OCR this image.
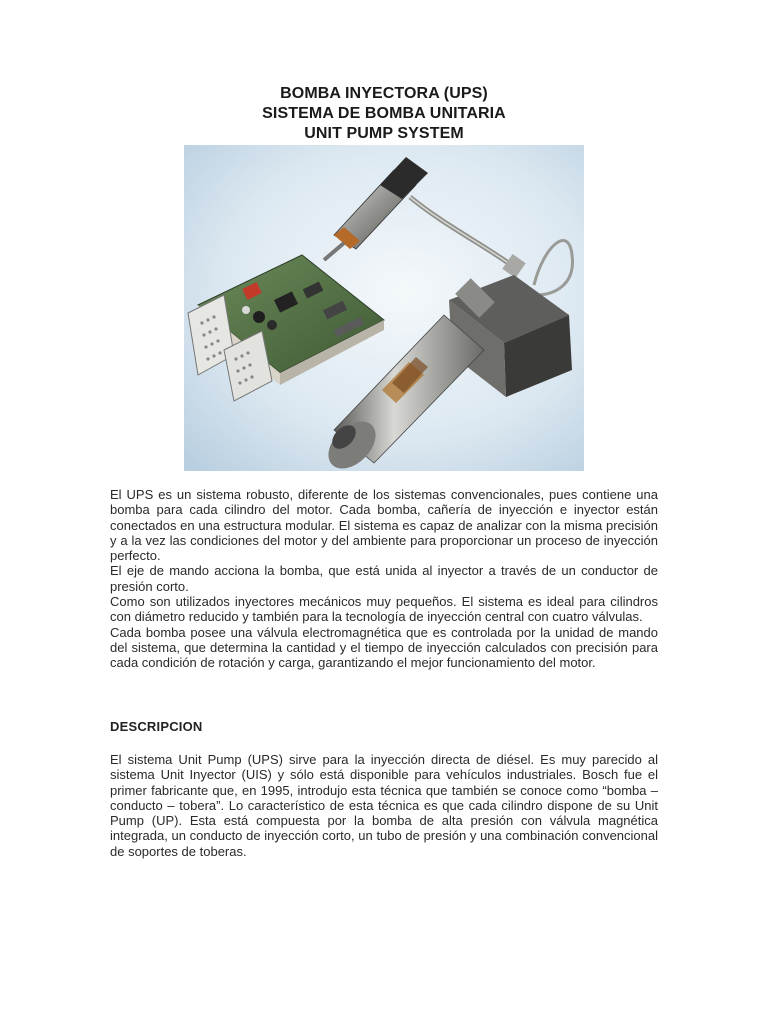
BOMBA INYECTORA (UPS)
SISTEMA DE BOMBA UNITARIA
UNIT PUMP SYSTEM

El UPS es un sistema robusto, diferente de los sistemas convencionales, pues contiene una bomba para cada cilindro del motor. Cada bomba, cañería de inyección e inyector están conectados en una estructura modular. El sistema es capaz de analizar con la misma precisión y a la vez las condiciones del motor y del ambiente para proporcionar un proceso de inyección perfecto.

El eje de mando acciona la bomba, que está unida al inyector a través de un conductor de presión corto.

Como son utilizados inyectores mecánicos muy pequeños. El sistema es ideal para cilindros con diámetro reducido y también para la tecnología de inyección central con cuatro válvulas.

Cada bomba posee una válvula electromagnética que es controlada por la unidad de mando del sistema, que determina la cantidad y el tiempo de inyección calculados con precisión para cada condición de rotación y carga, garantizando el mejor funcionamiento del motor.

DESCRIPCION

El sistema Unit Pump (UPS) sirve para la inyección directa de diésel. Es muy parecido al sistema Unit Inyector (UIS) y sólo está disponible para vehículos industriales. Bosch fue el primer fabricante que, en 1995, introdujo esta técnica que también se conoce como “bomba – conducto – tobera”. Lo característico de esta técnica es que cada cilindro dispone de su Unit Pump (UP). Esta está compuesta por la bomba de alta presión con válvula magnética integrada, un conducto de inyección corto, un tubo de presión y una combinación convencional de soportes de toberas.
